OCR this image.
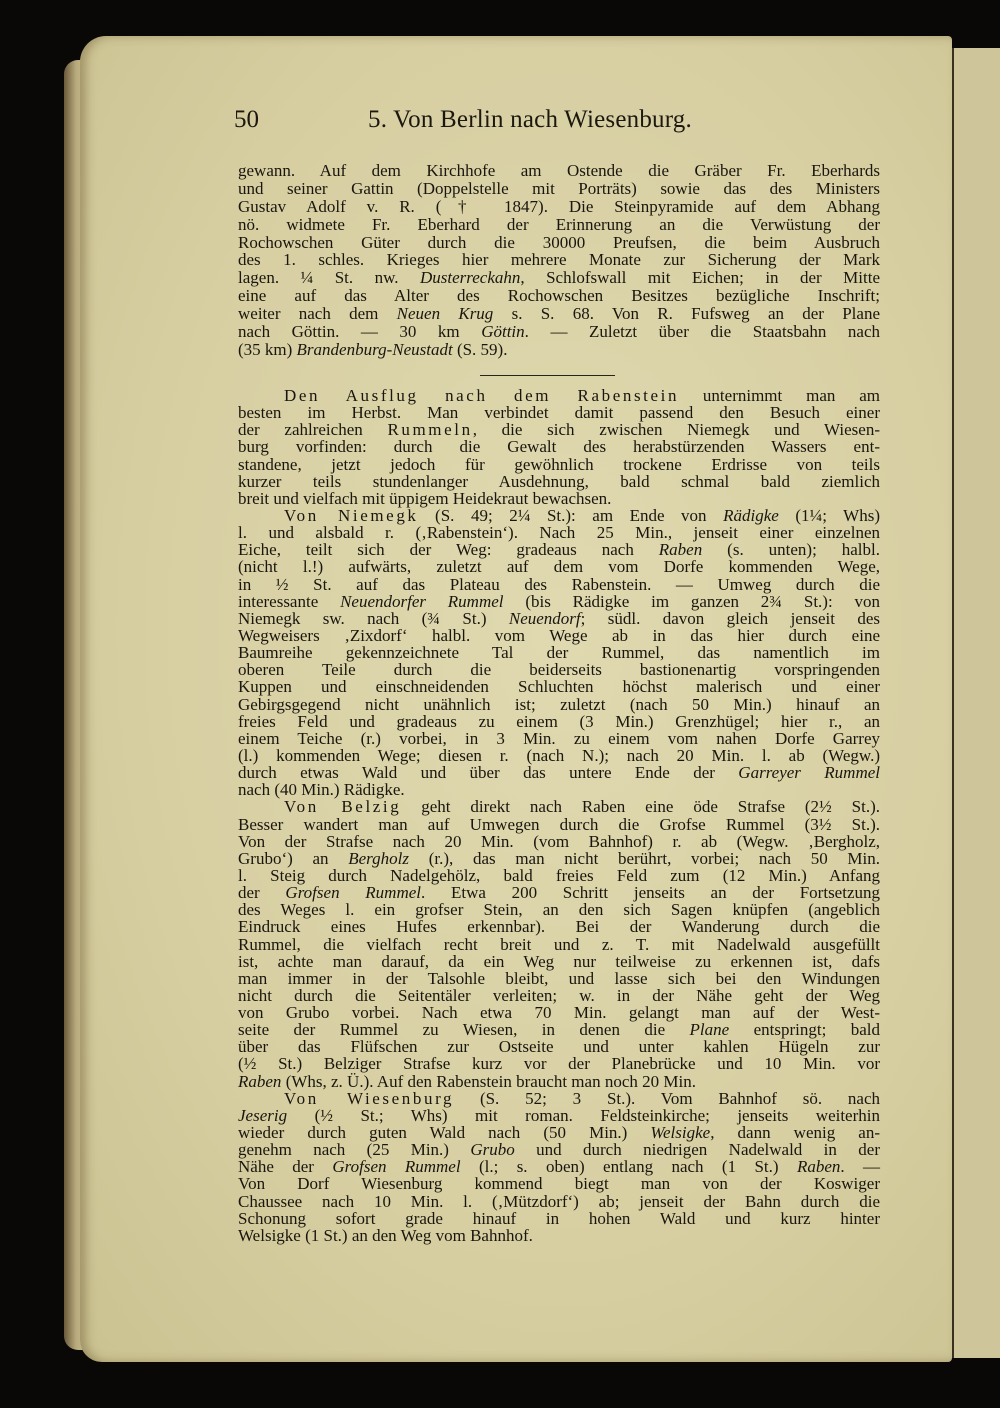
50	5. Von Berlin nach Wiesenburg.
gewann. Auf dem Kirchhofe am Ostende die Gräber Fr. Eberhards
und seiner Gattin (Doppelstelle mit Porträts) sowie das des Ministers
Gustav Adolf v. R. († 1847). Die Steinpyramide auf dem Abhang
nö. widmete Fr. Eberhard der Erinnerung an die Verwüstung der
Rochowschen Güter durch die 30000 Preufsen, die beim Ausbruch
des 1. schles. Krieges hier mehrere Monate zur Sicherung der Mark
lagen. ¼ St. nw. Dusterreckahn, Schlofswall mit Eichen; in der Mitte
eine auf das Alter des Rochowschen Besitzes bezügliche Inschrift;
weiter nach dem Neuen Krug s. S. 68. Von R. Fufsweg an der Plane
nach Göttin. — 30 km Göttin. — Zuletzt über die Staatsbahn nach
(35 km) Brandenburg-Neustadt (S. 59).
Den Ausflug nach dem Rabenstein unternimmt man am
besten im Herbst. Man verbindet damit passend den Besuch einer
der zahlreichen Rummeln, die sich zwischen Niemegk und Wiesen-
burg vorfinden: durch die Gewalt des herabstürzenden Wassers ent-
standene, jetzt jedoch für gewöhnlich trockene Erdrisse von teils
kurzer teils stundenlanger Ausdehnung, bald schmal bald ziemlich
breit und vielfach mit üppigem Heidekraut bewachsen.
Von Niemegk (S. 49; 2¼ St.): am Ende von Rädigke (1¼; Whs)
l. und alsbald r. (‚Rabenstein‘). Nach 25 Min., jenseit einer einzelnen
Eiche, teilt sich der Weg: gradeaus nach Raben (s. unten); halbl.
(nicht l.!) aufwärts, zuletzt auf dem vom Dorfe kommenden Wege,
in ½ St. auf das Plateau des Rabenstein. — Umweg durch die
interessante Neuendorfer Rummel (bis Rädigke im ganzen 2¾ St.): von
Niemegk sw. nach (¾ St.) Neuendorf; südl. davon gleich jenseit des
Wegweisers ‚Zixdorf‘ halbl. vom Wege ab in das hier durch eine
Baumreihe gekennzeichnete Tal der Rummel, das namentlich im
oberen Teile durch die beiderseits bastionenartig vorspringenden
Kuppen und einschneidenden Schluchten höchst malerisch und einer
Gebirgsgegend nicht unähnlich ist; zuletzt (nach 50 Min.) hinauf an
freies Feld und gradeaus zu einem (3 Min.) Grenzhügel; hier r., an
einem Teiche (r.) vorbei, in 3 Min. zu einem vom nahen Dorfe Garrey
(l.) kommenden Wege; diesen r. (nach N.); nach 20 Min. l. ab (Wegw.)
durch etwas Wald und über das untere Ende der Garreyer Rummel
nach (40 Min.) Rädigke.
Von Belzig geht direkt nach Raben eine öde Strafse (2½ St.).
Besser wandert man auf Umwegen durch die Grofse Rummel (3½ St.).
Von der Strafse nach 20 Min. (vom Bahnhof) r. ab (Wegw. ‚Bergholz,
Grubo‘) an Bergholz (r.), das man nicht berührt, vorbei; nach 50 Min.
l. Steig durch Nadelgehölz, bald freies Feld zum (12 Min.) Anfang
der Grofsen Rummel. Etwa 200 Schritt jenseits an der Fortsetzung
des Weges l. ein grofser Stein, an den sich Sagen knüpfen (angeblich
Eindruck eines Hufes erkennbar). Bei der Wanderung durch die
Rummel, die vielfach recht breit und z. T. mit Nadelwald ausgefüllt
ist, achte man darauf, da ein Weg nur teilweise zu erkennen ist, dafs
man immer in der Talsohle bleibt, und lasse sich bei den Windungen
nicht durch die Seitentäler verleiten; w. in der Nähe geht der Weg
von Grubo vorbei. Nach etwa 70 Min. gelangt man auf der West-
seite der Rummel zu Wiesen, in denen die Plane entspringt; bald
über das Flüfschen zur Ostseite und unter kahlen Hügeln zur
(½ St.) Belziger Strafse kurz vor der Planebrücke und 10 Min. vor
Raben (Whs, z. Ü.). Auf den Rabenstein braucht man noch 20 Min.
Von Wiesenburg (S. 52; 3 St.). Vom Bahnhof sö. nach
Jeserig (½ St.; Whs) mit roman. Feldsteinkirche; jenseits weiterhin
wieder durch guten Wald nach (50 Min.) Welsigke, dann wenig an-
genehm nach (25 Min.) Grubo und durch niedrigen Nadelwald in der
Nähe der Grofsen Rummel (l.; s. oben) entlang nach (1 St.) Raben. —
Von Dorf Wiesenburg kommend biegt man von der Koswiger
Chaussee nach 10 Min. l. (‚Mützdorf‘) ab; jenseit der Bahn durch die
Schonung sofort grade hinauf in hohen Wald und kurz hinter
Welsigke (1 St.) an den Weg vom Bahnhof.
